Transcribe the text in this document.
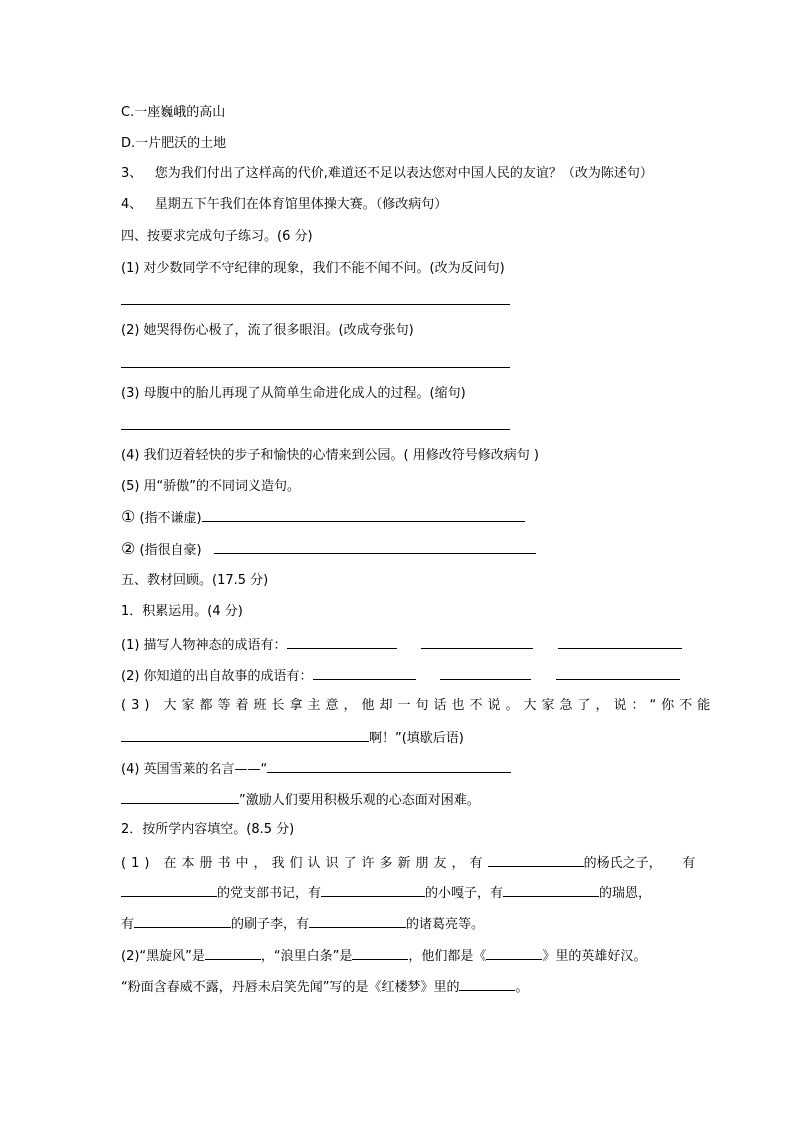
C.一座巍峨的高山
D.一片肥沃的土地
3、 您为我们付出了这样高的代价,难道还不足以表达您对中国人民的友谊？（改为陈述句）
4、 星期五下午我们在体育馆里体操大赛。（修改病句）
四、按要求完成句子练习。(6 分)
(1) 对少数同学不守纪律的现象，我们不能不闻不问。(改为反问句)
(2) 她哭得伤心极了，流了很多眼泪。(改成夸张句)
(3) 母腹中的胎儿再现了从简单生命进化成人的过程。(缩句)
(4) 我们迈着轻快的步子和愉快的心情来到公园。( 用修改符号修改病句 )
(5) 用“骄傲”的不同词义造句。
① (指不谦虚)
② (指很自豪)
五、教材回顾。(17.5 分)
1．积累运用。(4 分)
(1) 描写人物神态的成语有：
(2) 你知道的出自故事的成语有：
(3) 大家都等着班长拿主意，他却一句话也不说。大家急了，说：“你不能
啊！”(填歇后语)
(4) 英国雪莱的名言——“
”激励人们要用积极乐观的心态面对困难。
2．按所学内容填空。(8.5 分)
(1) 在本册书中，我们认识了许多新朋友，有	的杨氏之子， 有
的党支部书记，有	的小嘎子，有	的瑞恩，
有	的刷子李，有	的诸葛亮等。
(2)“黑旋风”是	，“浪里白条”是	，他们都是《	》里的英雄好汉。
“粉面含春威不露，丹唇未启笑先闻”写的是《红楼梦》里的	。
